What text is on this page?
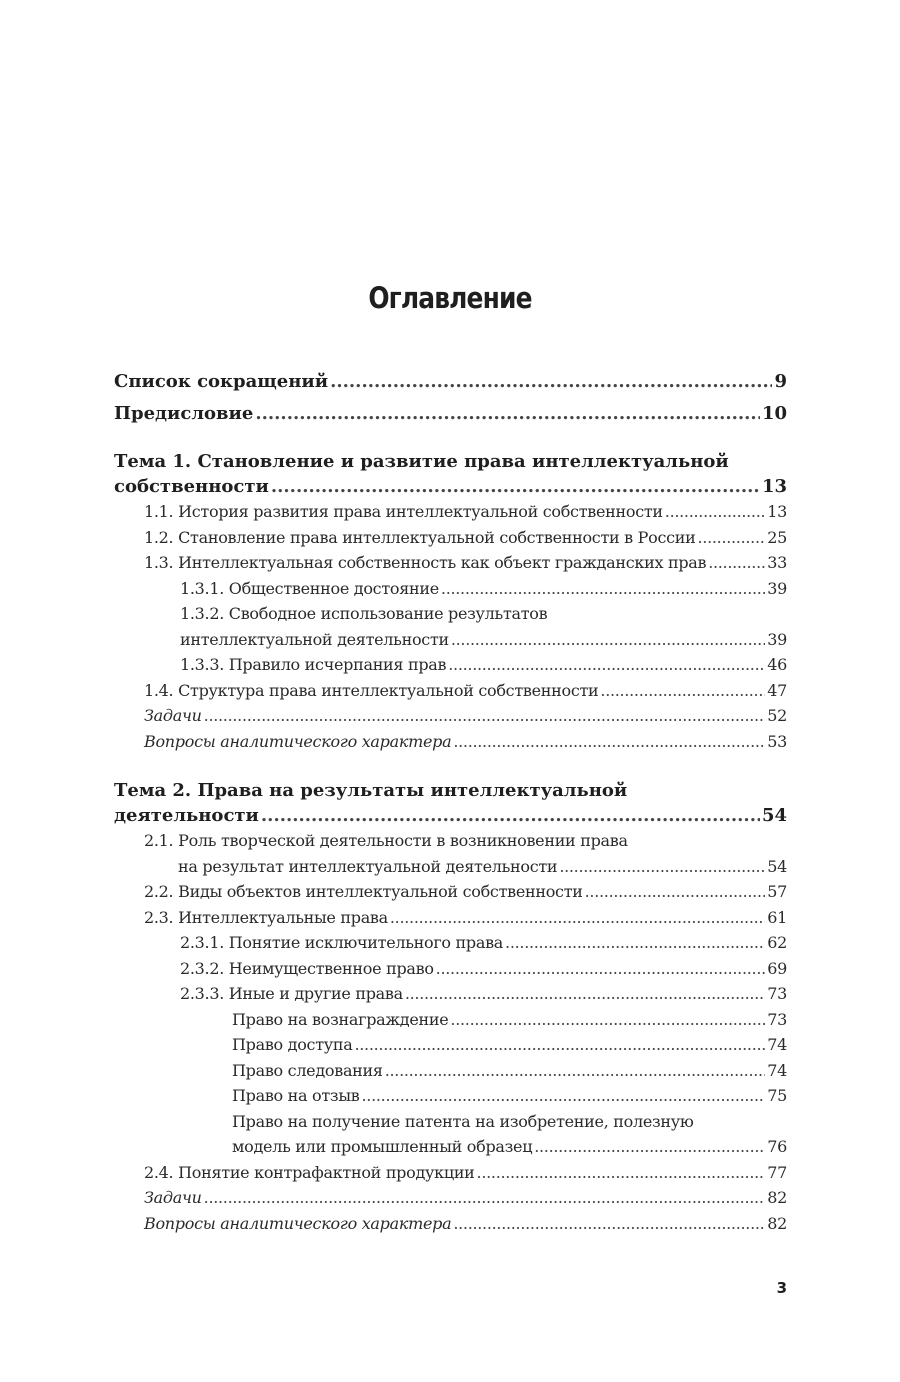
Оглавление
Список сокращений .....	9
Предисловие .....	10
Тема 1. Становление и развитие права интеллектуальной
собственности .....	13
1.1. История развития права интеллектуальной собственности .....	13
1.2. Становление права интеллектуальной собственности в России .....	25
1.3. Интеллектуальная собственность как объект гражданских прав .....	33
1.3.1. Общественное достояние .....	39
1.3.2. Свободное использование результатов
интеллектуальной деятельности .....	39
1.3.3. Правило исчерпания прав .....	46
1.4. Структура права интеллектуальной собственности .....	47
Задачи .....	52
Вопросы аналитического характера .....	53
Тема 2. Права на результаты интеллектуальной
деятельности .....	54
2.1. Роль творческой деятельности в возникновении права
на результат интеллектуальной деятельности .....	54
2.2. Виды объектов интеллектуальной собственности .....	57
2.3. Интеллектуальные права .....	61
2.3.1. Понятие исключительного права .....	62
2.3.2. Неимущественное право .....	69
2.3.3. Иные и другие права .....	73
Право на вознаграждение .....	73
Право доступа .....	74
Право следования .....	74
Право на отзыв .....	75
Право на получение патента на изобретение, полезную
модель или промышленный образец .....	76
2.4. Понятие контрафактной продукции .....	77
Задачи .....	82
Вопросы аналитического характера .....	82
3
